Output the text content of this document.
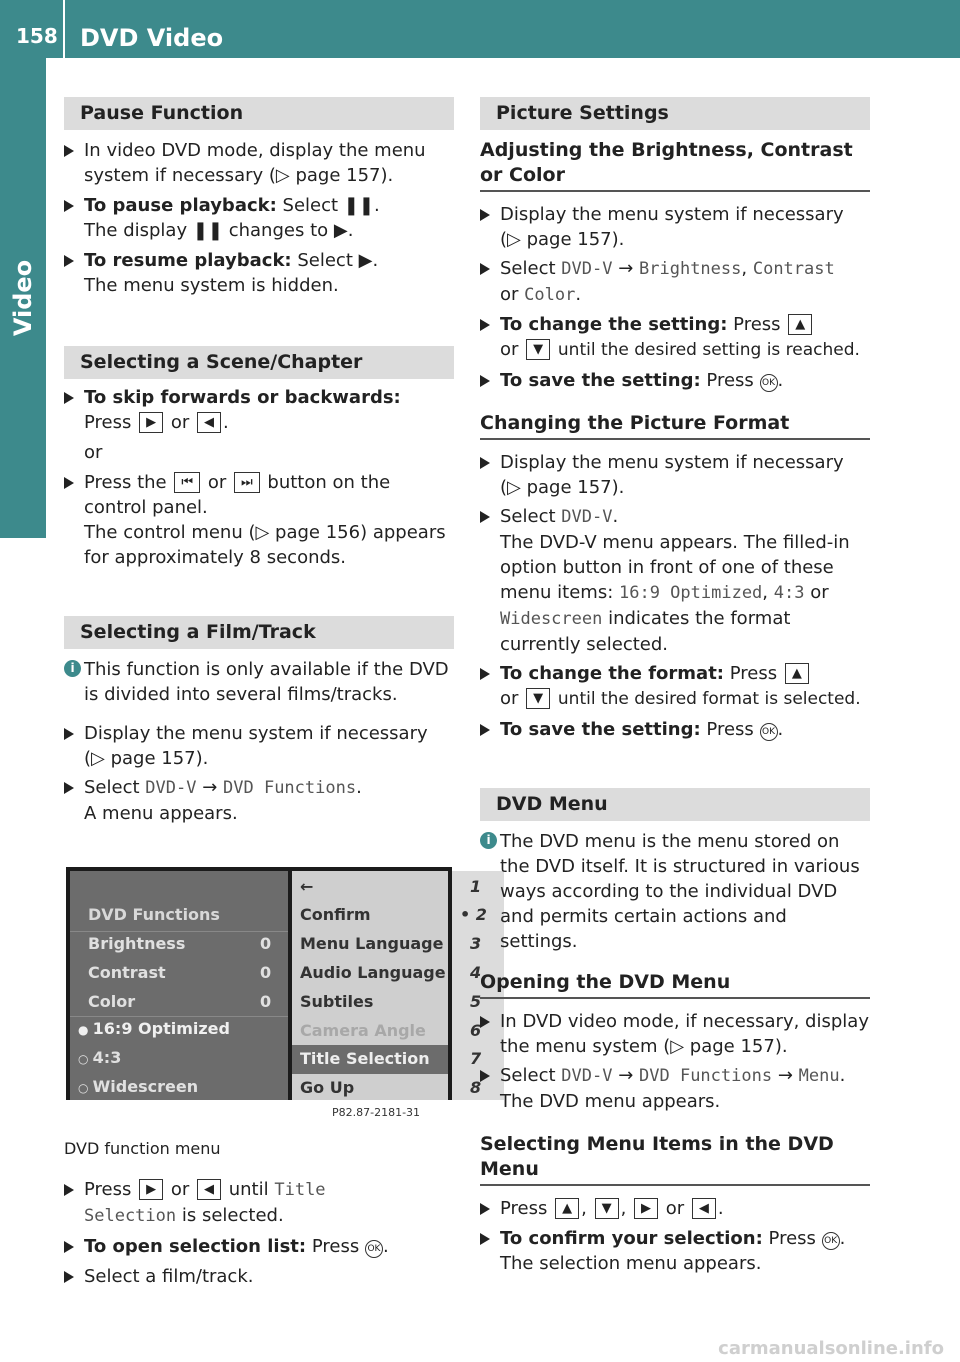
158 DVD Video
Video
Pause Function
In video DVD mode, display the menu system if necessary (▷ page 157).
To pause playback: Select ❚❚.
The display ❚❚ changes to ▶.
To resume playback: Select ▶.
The menu system is hidden.
Selecting a Scene/Chapter
To skip forwards or backwards:
Press ▶ or ◀ .
or
Press the ⏮ or ⏭ button on the control panel.
The control menu (▷ page 156) appears for approximately 8 seconds.
Selecting a Film/Track
i This function is only available if the DVD is divided into several films/tracks.
Display the menu system if necessary (▷ page 157).
Select DVD-V → DVD Functions.
A menu appears.
DVD Functions
Brightness	0
Contrast	0
Color	0
● 16:9 Optimized
○ 4:3
○ Widescreen
←
Confirm
Menu Language
Audio Language
Subtiles
Camera Angle
Title Selection
Go Up
1
• 2
3
4
5
6
7
8
P82.87-2181-31
DVD function menu
Press ▶ or ◀ until Title
Selection is selected.
To open selection list: Press OK .
Select a film/track.
Picture Settings
Adjusting the Brightness, Contrast or Color
Display the menu system if necessary (▷ page 157).
Select DVD-V → Brightness, Contrast
or Color.
To change the setting: Press ▲
or ▼ until the desired setting is reached.
To save the setting: Press OK .
Changing the Picture Format
Display the menu system if necessary (▷ page 157).
Select DVD-V.
The DVD-V menu appears. The filled-in option button in front of one of these menu items: 16:9 Optimized, 4:3 or Widescreen indicates the format currently selected.
To change the format: Press ▲
or ▼ until the desired format is selected.
To save the setting: Press OK .
DVD Menu
i The DVD menu is the menu stored on the DVD itself. It is structured in various ways according to the individual DVD and permits certain actions and settings.
Opening the DVD Menu
In DVD video mode, if necessary, display the menu system (▷ page 157).
Select DVD-V → DVD Functions → Menu.
The DVD menu appears.
Selecting Menu Items in the DVD Menu
Press ▲ , ▼ , ▶ or ◀ .
To confirm your selection: Press OK .
The selection menu appears.
carmanualsonline.info
